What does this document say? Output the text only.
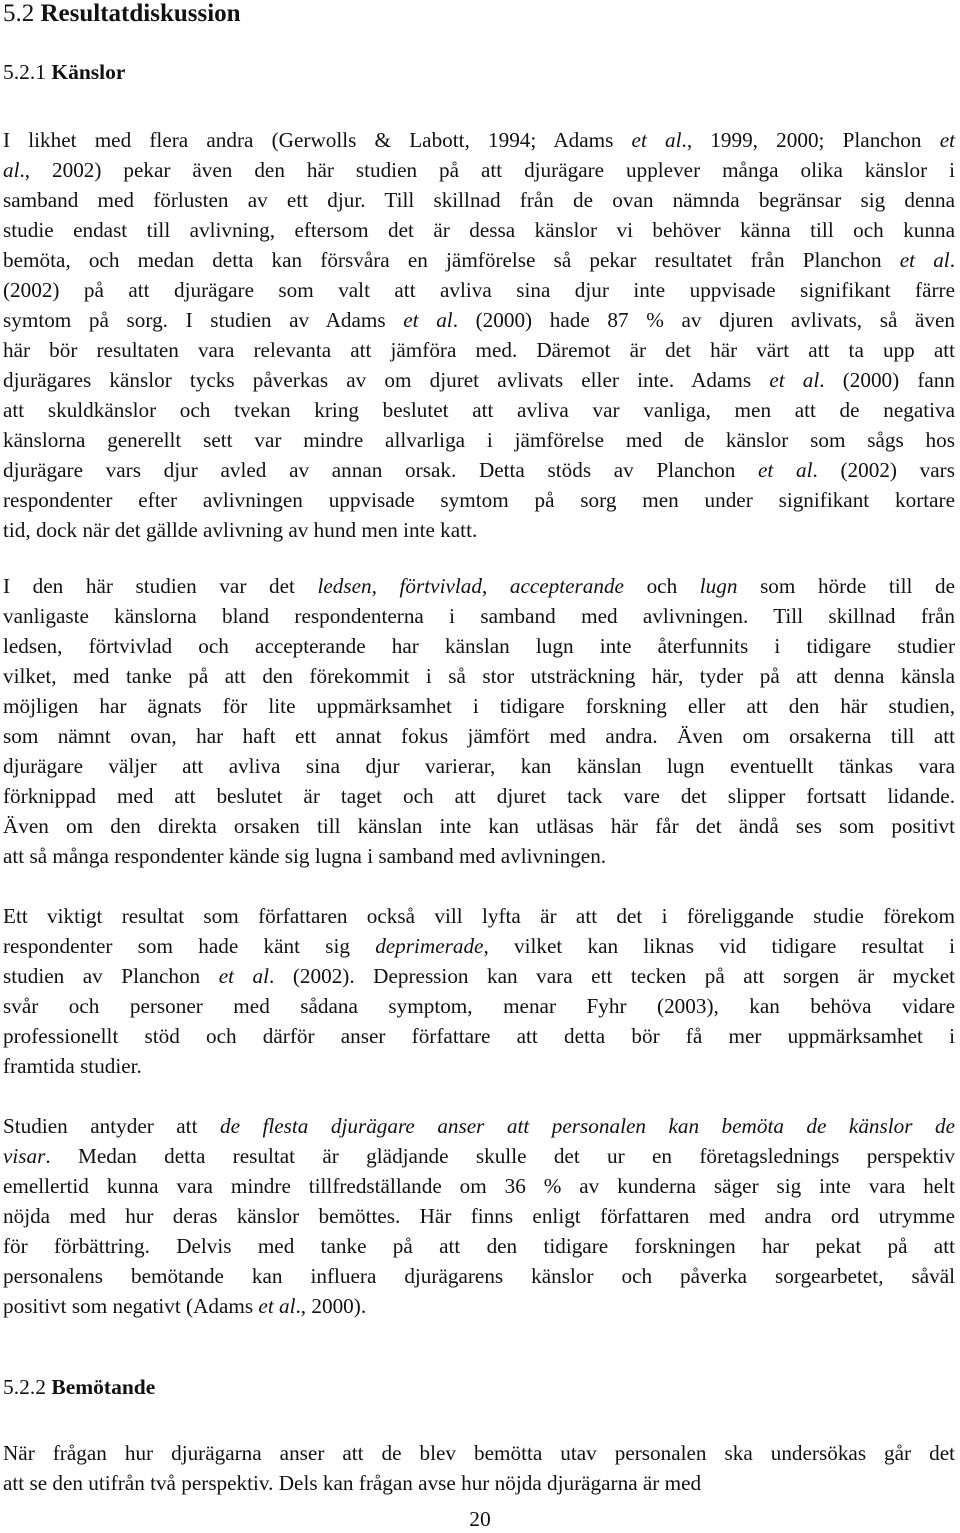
5.2 Resultatdiskussion
5.2.1 Känslor
I likhet med flera andra (Gerwolls & Labott, 1994; Adams et al., 1999, 2000; Planchon et
al., 2002) pekar även den här studien på att djurägare upplever många olika känslor i
samband med förlusten av ett djur. Till skillnad från de ovan nämnda begränsar sig denna
studie endast till avlivning, eftersom det är dessa känslor vi behöver känna till och kunna
bemöta, och medan detta kan försvåra en jämförelse så pekar resultatet från Planchon et al.
(2002) på att djurägare som valt att avliva sina djur inte uppvisade signifikant färre
symtom på sorg. I studien av Adams et al. (2000) hade 87 % av djuren avlivats, så även
här bör resultaten vara relevanta att jämföra med. Däremot är det här värt att ta upp att
djurägares känslor tycks påverkas av om djuret avlivats eller inte. Adams et al. (2000) fann
att skuldkänslor och tvekan kring beslutet att avliva var vanliga, men att de negativa
känslorna generellt sett var mindre allvarliga i jämförelse med de känslor som sågs hos
djurägare vars djur avled av annan orsak. Detta stöds av Planchon et al. (2002) vars
respondenter efter avlivningen uppvisade symtom på sorg men under signifikant kortare
tid, dock när det gällde avlivning av hund men inte katt.
I den här studien var det ledsen, förtvivlad, accepterande och lugn som hörde till de
vanligaste känslorna bland respondenterna i samband med avlivningen. Till skillnad från
ledsen, förtvivlad och accepterande har känslan lugn inte återfunnits i tidigare studier
vilket, med tanke på att den förekommit i så stor utsträckning här, tyder på att denna känsla
möjligen har ägnats för lite uppmärksamhet i tidigare forskning eller att den här studien,
som nämnt ovan, har haft ett annat fokus jämfört med andra. Även om orsakerna till att
djurägare väljer att avliva sina djur varierar, kan känslan lugn eventuellt tänkas vara
förknippad med att beslutet är taget och att djuret tack vare det slipper fortsatt lidande.
Även om den direkta orsaken till känslan inte kan utläsas här får det ändå ses som positivt
att så många respondenter kände sig lugna i samband med avlivningen.
Ett viktigt resultat som författaren också vill lyfta är att det i föreliggande studie förekom
respondenter som hade känt sig deprimerade, vilket kan liknas vid tidigare resultat i
studien av Planchon et al. (2002). Depression kan vara ett tecken på att sorgen är mycket
svår och personer med sådana symptom, menar Fyhr (2003), kan behöva vidare
professionellt stöd och därför anser författare att detta bör få mer uppmärksamhet i
framtida studier.
Studien antyder att de flesta djurägare anser att personalen kan bemöta de känslor de
visar. Medan detta resultat är glädjande skulle det ur en företagslednings perspektiv
emellertid kunna vara mindre tillfredställande om 36 % av kunderna säger sig inte vara helt
nöjda med hur deras känslor bemöttes. Här finns enligt författaren med andra ord utrymme
för förbättring. Delvis med tanke på att den tidigare forskningen har pekat på att
personalens bemötande kan influera djurägarens känslor och påverka sorgearbetet, såväl
positivt som negativt (Adams et al., 2000).
5.2.2 Bemötande
När frågan hur djurägarna anser att de blev bemötta utav personalen ska undersökas går det
att se den utifrån två perspektiv. Dels kan frågan avse hur nöjda djurägarna är med
20
